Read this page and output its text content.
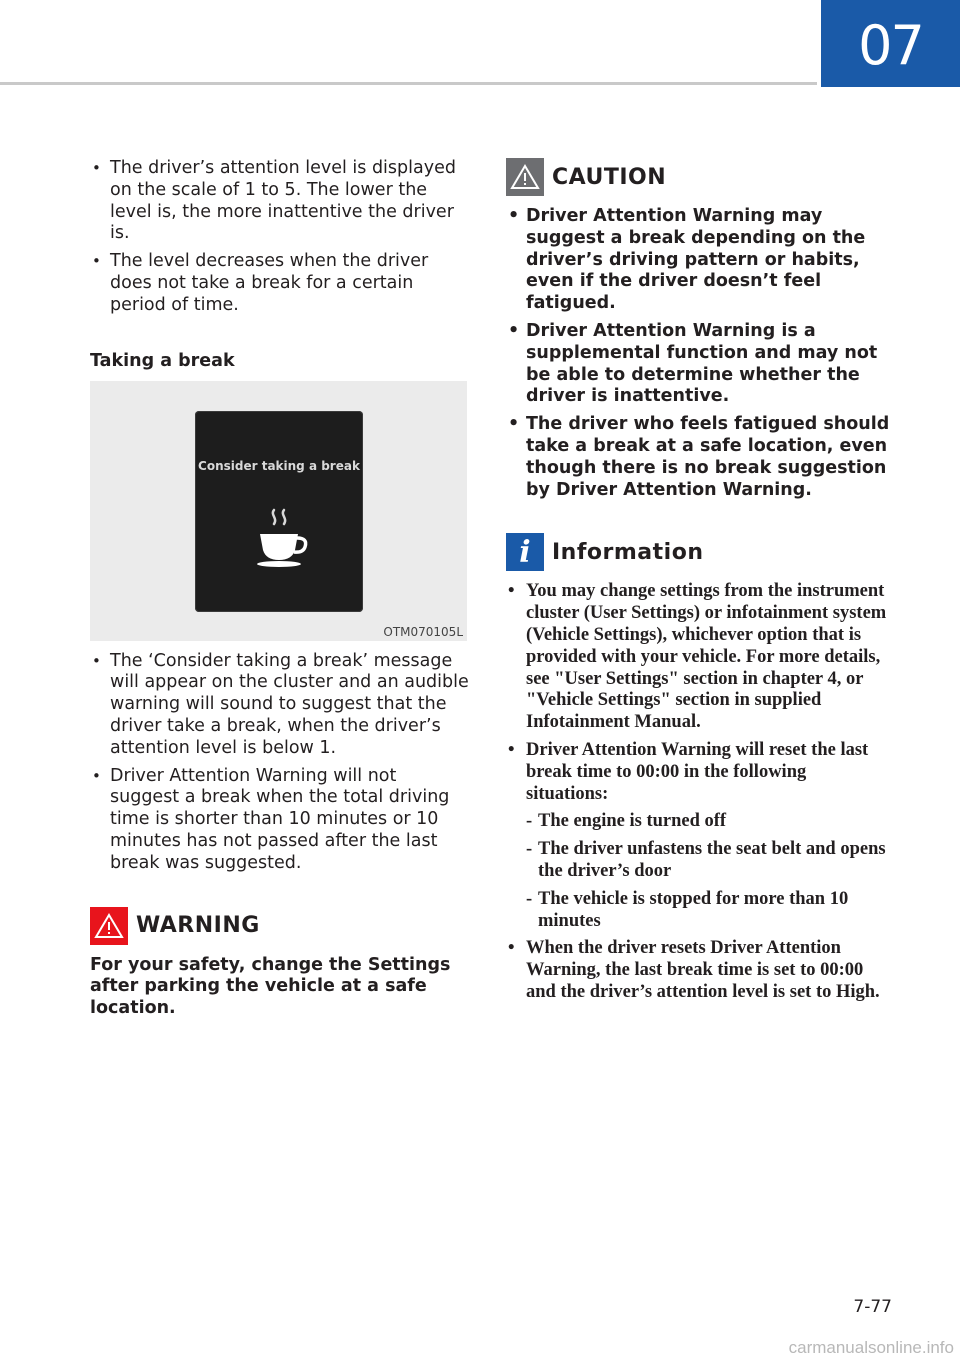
07
• The driver’s attention level is displayed on the scale of 1 to 5. The lower the level is, the more inattentive the driver is.
• The level decreases when the driver does not take a break for a certain period of time.
Taking a break
Consider taking a break
OTM070105L
• The ‘Consider taking a break’ message will appear on the cluster and an audible warning will sound to suggest that the driver take a break, when the driver’s attention level is below 1.
• Driver Attention Warning will not suggest a break when the total driving time is shorter than 10 minutes or 10 minutes has not passed after the last break was suggested.
WARNING
For your safety, change the Settings after parking the vehicle at a safe location.
CAUTION
• Driver Attention Warning may suggest a break depending on the driver’s driving pattern or habits, even if the driver doesn’t feel fatigued.
• Driver Attention Warning is a supplemental function and may not be able to determine whether the driver is inattentive.
• The driver who feels fatigued should take a break at a safe location, even though there is no break suggestion by Driver Attention Warning.
i Information
• You may change settings from the instrument cluster (User Settings) or infotainment system (Vehicle Settings), whichever option that is provided with your vehicle. For more details, see "User Settings" section in chapter 4, or "Vehicle Settings" section in supplied Infotainment Manual.
• Driver Attention Warning will reset the last break time to 00:00 in the following situations:
- The engine is turned off
- The driver unfastens the seat belt and opens the driver’s door
- The vehicle is stopped for more than 10 minutes
• When the driver resets Driver Attention Warning, the last break time is set to 00:00 and the driver’s attention level is set to High.
7-77
carmanualsonline.info
